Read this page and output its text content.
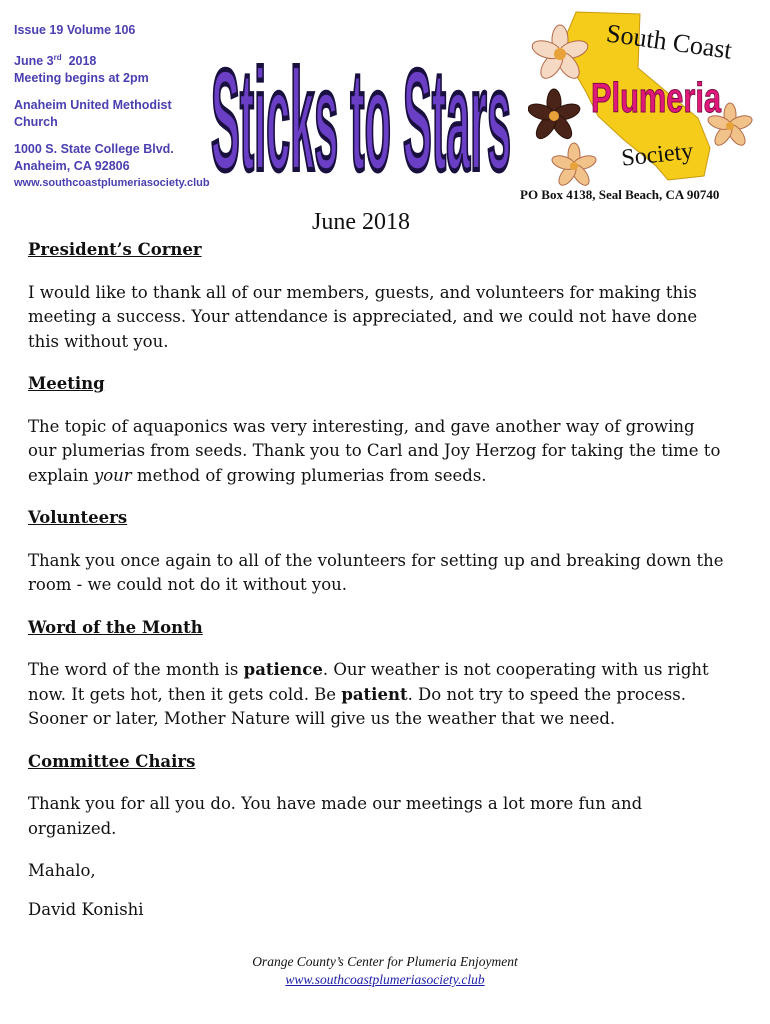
Issue 19 Volume 106
June 3rd 2018
Meeting begins at 2pm
Anaheim United Methodist
Church
1000 S. State College Blvd.
Anaheim, CA 92806
www.southcoastplumeriasociety.club Sticks to Stars	South Coast
Plumeria
Society
PO Box 4138, Seal Beach, CA 90740
June 2018
President’s Corner

I would like to thank all of our members, guests, and volunteers for making this meeting a success. Your attendance is appreciated, and we could not have done this without you.

Meeting

The topic of aquaponics was very interesting, and gave another way of growing our plumerias from seeds. Thank you to Carl and Joy Herzog for taking the time to explain your method of growing plumerias from seeds.

Volunteers

Thank you once again to all of the volunteers for setting up and breaking down the room - we could not do it without you.

Word of the Month

The word of the month is patience. Our weather is not cooperating with us right now. It gets hot, then it gets cold. Be patient. Do not try to speed the process. Sooner or later, Mother Nature will give us the weather that we need.

Committee Chairs

Thank you for all you do. You have made our meetings a lot more fun and organized.

Mahalo,

David Konishi

Orange County’s Center for Plumeria Enjoyment
www.southcoastplumeriasociety.club
